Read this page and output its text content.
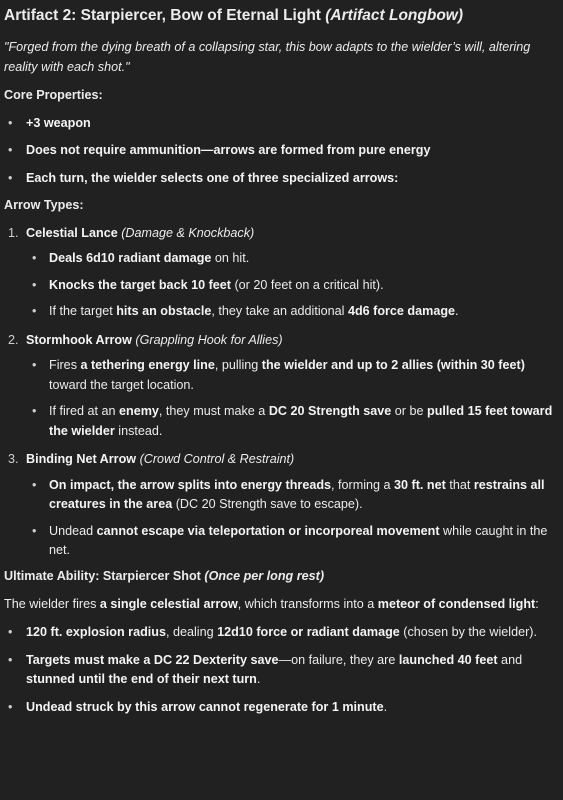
Artifact 2: Starpiercer, Bow of Eternal Light (Artifact Longbow)
"Forged from the dying breath of a collapsing star, this bow adapts to the wielder’s will, altering reality with each shot."
Core Properties:
• +3 weapon
• Does not require ammunition—arrows are formed from pure energy
• Each turn, the wielder selects one of three specialized arrows:
Arrow Types:
1. Celestial Lance (Damage & Knockback)
• Deals 6d10 radiant damage on hit.
• Knocks the target back 10 feet (or 20 feet on a critical hit).
• If the target hits an obstacle, they take an additional 4d6 force damage.
2. Stormhook Arrow (Grappling Hook for Allies)
• Fires a tethering energy line, pulling the wielder and up to 2 allies (within 30 feet) toward the target location.
• If fired at an enemy, they must make a DC 20 Strength save or be pulled 15 feet toward the wielder instead.
3. Binding Net Arrow (Crowd Control & Restraint)
• On impact, the arrow splits into energy threads, forming a 30 ft. net that restrains all creatures in the area (DC 20 Strength save to escape).
• Undead cannot escape via teleportation or incorporeal movement while caught in the net.
Ultimate Ability: Starpiercer Shot (Once per long rest)
The wielder fires a single celestial arrow, which transforms into a meteor of condensed light:
• 120 ft. explosion radius, dealing 12d10 force or radiant damage (chosen by the wielder).
• Targets must make a DC 22 Dexterity save—on failure, they are launched 40 feet and stunned until the end of their next turn.
• Undead struck by this arrow cannot regenerate for 1 minute.
